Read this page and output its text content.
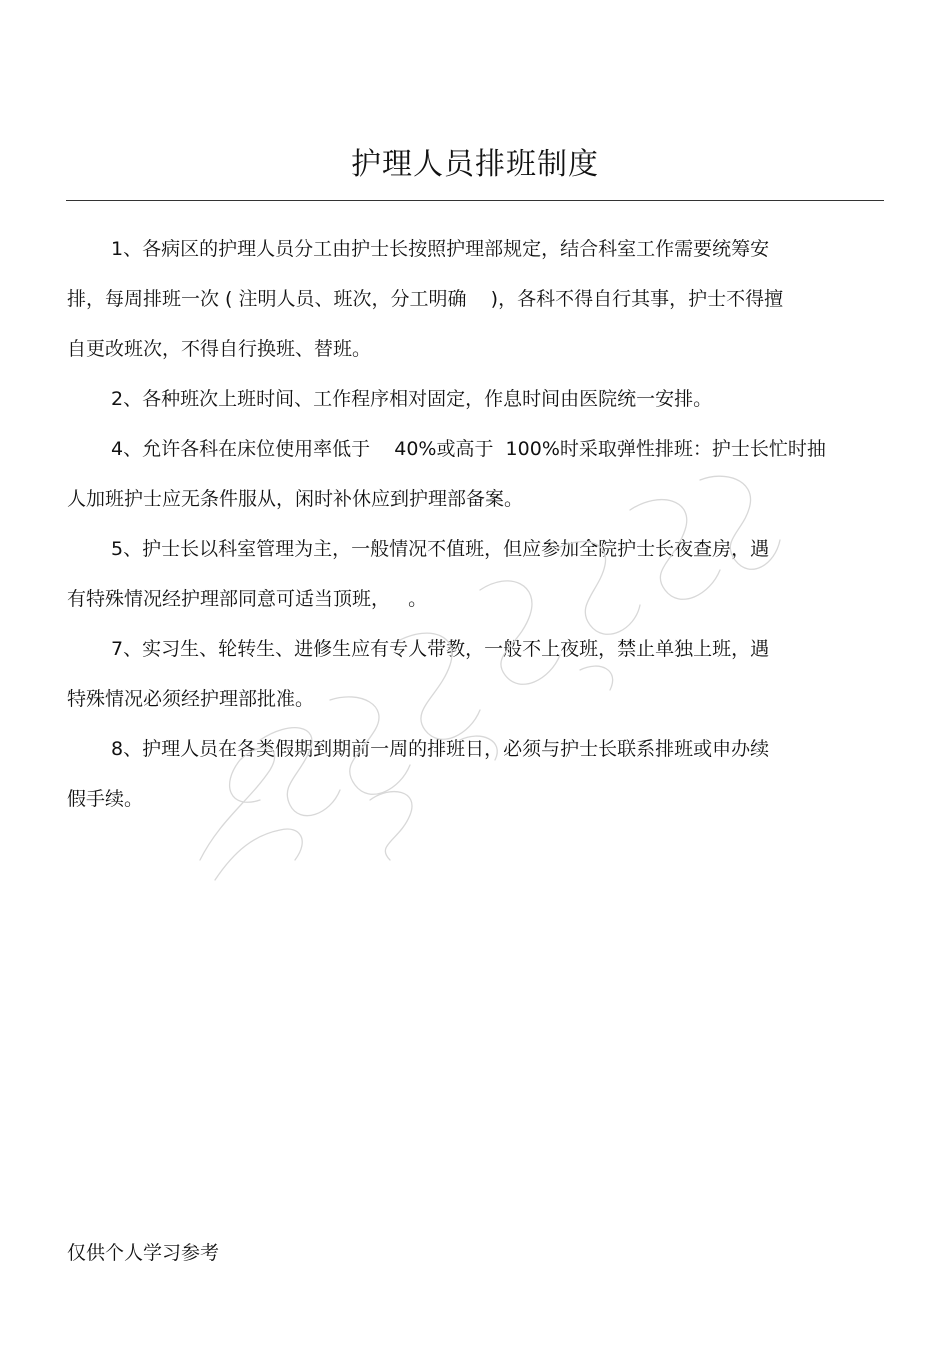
护理人员排班制度
1、各病区的护理人员分工由护士长按照护理部规定，结合科室工作需要统筹安
排，每周排班一次 ( 注明人员、班次，分工明确    )，各科不得自行其事，护士不得擅
自更改班次，不得自行换班、替班。
2、各种班次上班时间、工作程序相对固定，作息时间由医院统一安排。
4、允许各科在床位使用率低于    40%或高于  100%时采取弹性排班：护士长忙时抽
人加班护士应无条件服从，闲时补休应到护理部备案。
5、护士长以科室管理为主，一般情况不值班，但应参加全院护士长夜查房，遇
有特殊情况经护理部同意可适当顶班，   。
7、实习生、轮转生、进修生应有专人带教，一般不上夜班，禁止单独上班，遇
特殊情况必须经护理部批准。
8、护理人员在各类假期到期前一周的排班日，必须与护士长联系排班或申办续
假手续。
仅供个人学习参考
